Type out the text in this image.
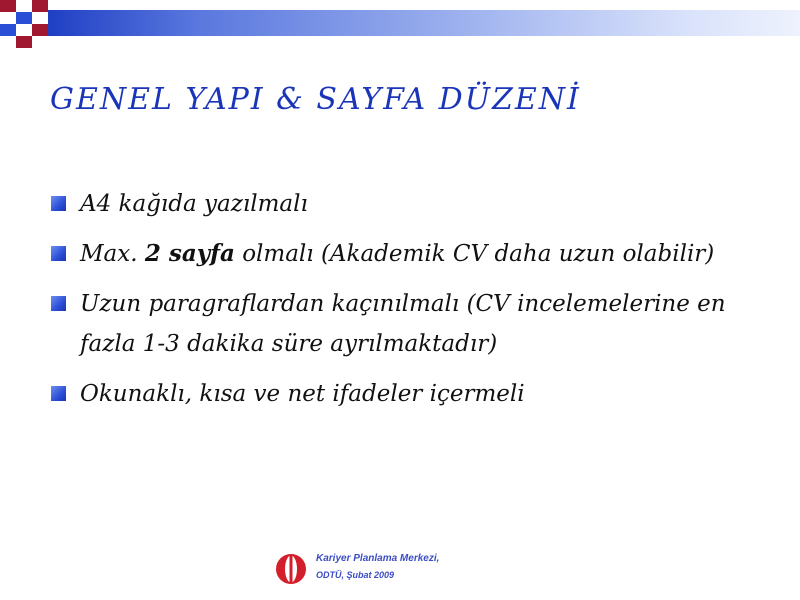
GENEL YAPI & SAYFA DÜZENİ
A4 kağıda yazılmalı
Max. 2 sayfa olmalı (Akademik CV daha uzun olabilir)
Uzun paragraflardan kaçınılmalı (CV incelemelerine en fazla 1-3 dakika süre ayrılmaktadır)
Okunaklı, kısa ve net ifadeler içermeli
Kariyer Planlama Merkezi,
ODTÜ, Şubat 2009
